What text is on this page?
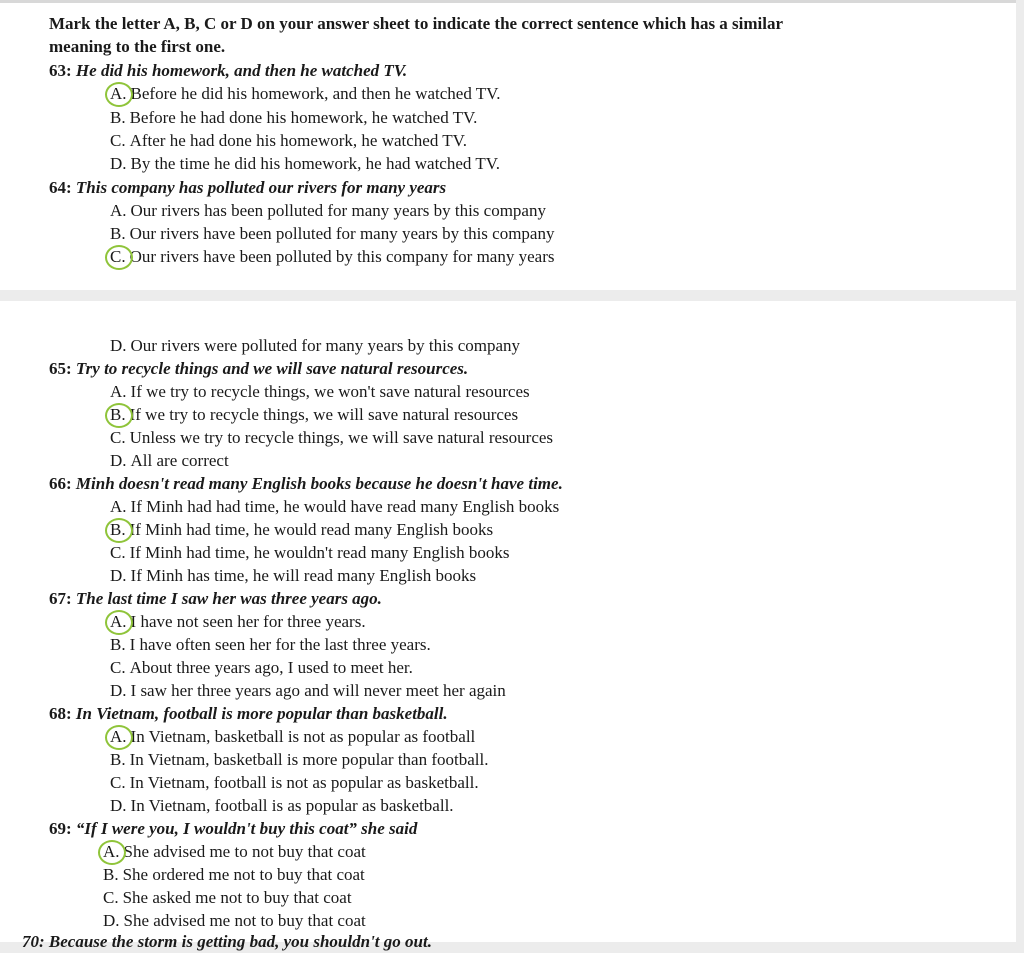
Mark the letter A, B, C or D on your answer sheet to indicate the correct sentence which has a similar
meaning to the first one.
63: He did his homework, and then he watched TV.
A. Before he did his homework, and then he watched TV.
B. Before he had done his homework, he watched TV.
C. After he had done his homework, he watched TV.
D. By the time he did his homework, he had watched TV.
64: This company has polluted our rivers for many years
A. Our rivers has been polluted for many years by this company
B. Our rivers have been polluted for many years by this company
C. Our rivers have been polluted by this company for many years
D. Our rivers were polluted for many years by this company
65: Try to recycle things and we will save natural resources.
A. If we try to recycle things, we won't save natural resources
B. If we try to recycle things, we will save natural resources
C. Unless we try to recycle things, we will save natural resources
D. All are correct
66: Minh doesn't read many English books because he doesn't have time.
A. If Minh had had time, he would have read many English books
B. If Minh had time, he would read many English books
C. If Minh had time, he wouldn't read many English books
D. If Minh has time, he will read many English books
67: The last time I saw her was three years ago.
A. I have not seen her for three years.
B. I have often seen her for the last three years.
C. About three years ago, I used to meet her.
D. I saw her three years ago and will never meet her again
68: In Vietnam, football is more popular than basketball.
A. In Vietnam, basketball is not as popular as football
B. In Vietnam, basketball is more popular than football.
C. In Vietnam, football is not as popular as basketball.
D. In Vietnam, football is as popular as basketball.
69: “If I were you, I wouldn't buy this coat” she said
A. She advised me to not buy that coat
B. She ordered me not to buy that coat
C. She asked me not to buy that coat
D. She advised me not to buy that coat
70: Because the storm is getting bad, you shouldn't go out.
